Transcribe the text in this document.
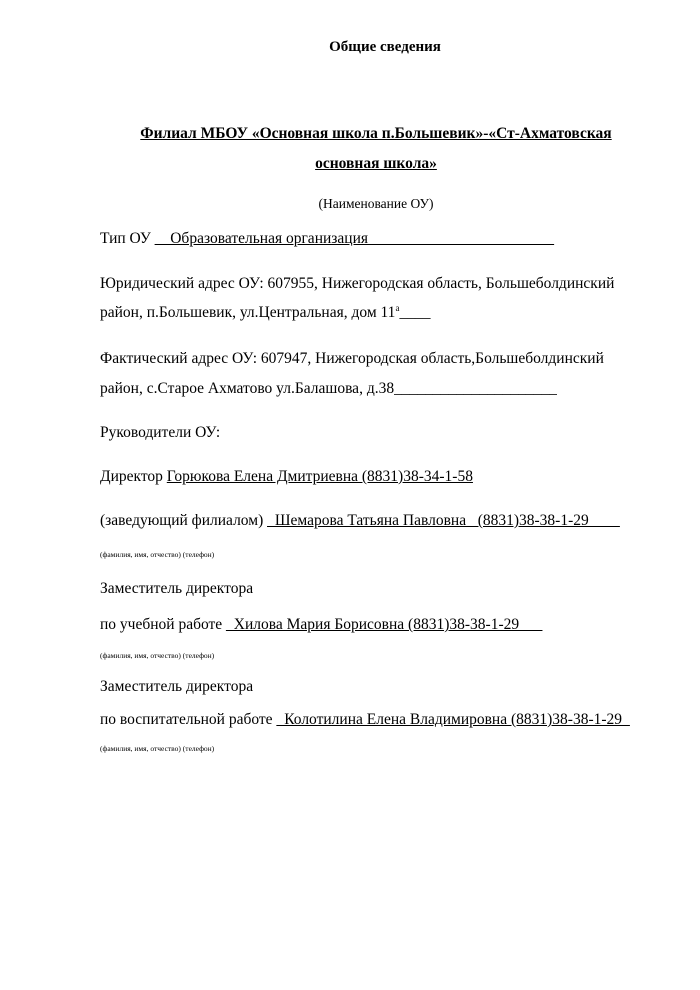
Общие сведения
Филиал МБОУ «Основная школа п.Большевик»-«Ст-Ахматовская
основная школа»
(Наименование ОУ)
Тип ОУ __Образовательная организация________________________
Юридический адрес ОУ: 607955, Нижегородская область, Большеболдинский
район, п.Большевик, ул.Центральная, дом $11^а\_\_\_\_$
Фактический адрес ОУ: 607947, Нижегородская область,Большеболдинский
район, с.Старое Ахматово ул.Балашова, д.38_____________________
Руководители ОУ:
Директор Горюкова Елена Дмитриевна (8831)38-34-1-58
(заведующий филиалом) _Шемарова Татьяна Павловна _(8831)38-38-1-29____
(фамилия, имя, отчество) (телефон)
Заместитель директора
по учебной работе _Хилова Мария Борисовна (8831)38-38-1-29___
(фамилия, имя, отчество) (телефон)
Заместитель директора
по воспитательной работе _Колотилина Елена Владимировна (8831)38-38-1-29_
(фамилия, имя, отчество) (телефон)
